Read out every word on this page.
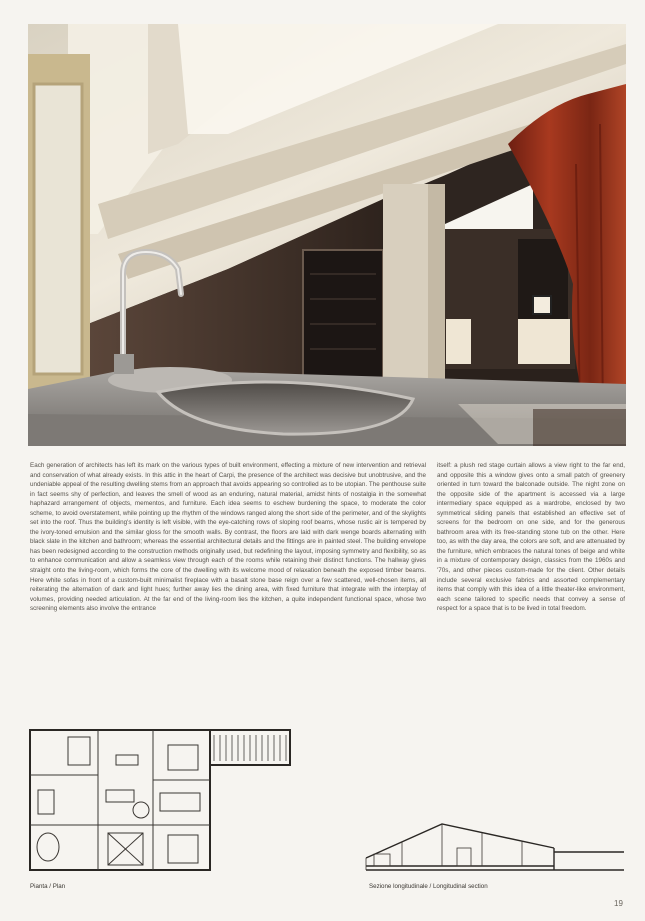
Each generation of architects has left its mark on the various types of built environment, effecting a mixture of new intervention and retrieval and conservation of what already exists. In this attic in the heart of Carpi, the presence of the architect was decisive but unobtrusive, and the undeniable appeal of the resulting dwelling stems from an approach that avoids appearing so controlled as to be utopian. The penthouse suite in fact seems shy of perfection, and leaves the smell of wood as an enduring, natural material, amidst hints of nostalgia in the somewhat haphazard arrangement of objects, mementos, and furniture. Each idea seems to eschew burdening the space, to moderate the color scheme, to avoid overstatement, while pointing up the rhythm of the windows ranged along the short side of the perimeter, and of the skylights set into the roof. Thus the building's identity is left visible, with the eye-catching rows of sloping roof beams, whose rustic air is tempered by the ivory-toned emulsion and the similar gloss for the smooth walls. By contrast, the floors are laid with dark wenge boards alternating with black slate in the kitchen and bathroom; whereas the essential architectural details and the fittings are in painted steel. The building envelope has been redesigned according to the construction methods originally used, but redefining the layout, imposing symmetry and flexibility, so as to enhance communication and allow a seamless view through each of the rooms while retaining their distinct functions. The hallway gives straight onto the living-room, which forms the core of the dwelling with its welcome mood of relaxation beneath the exposed timber beams. Here white sofas in front of a custom-built minimalist fireplace with a basalt stone base reign over a few scattered, well-chosen items, all reiterating the alternation of dark and light hues; further away lies the dining area, with fixed furniture that integrate with the interplay of volumes, providing needed articulation. At the far end of the living-room lies the kitchen, a quite independent functional space, whose two screening elements also involve the entrance

itself: a plush red stage curtain allows a view right to the far end, and opposite this a window gives onto a small patch of greenery oriented in turn toward the balconade outside. The night zone on the opposite side of the apartment is accessed via a large intermediary space equipped as a wardrobe, enclosed by two symmetrical sliding panels that established an effective set of screens for the bedroom on one side, and for the generous bathroom area with its free-standing stone tub on the other. Here too, as with the day area, the colors are soft, and are attenuated by the furniture, which embraces the natural tones of beige and white in a mixture of contemporary design, classics from the 1960s and '70s, and other pieces custom-made for the client. Other details include several exclusive fabrics and assorted complementary items that comply with this idea of a little theater-like environment, each scene tailored to specific needs that convey a sense of respect for a space that is to be lived in total freedom.

Pianta / Plan	Sezione longitudinale / Longitudinal section
19
